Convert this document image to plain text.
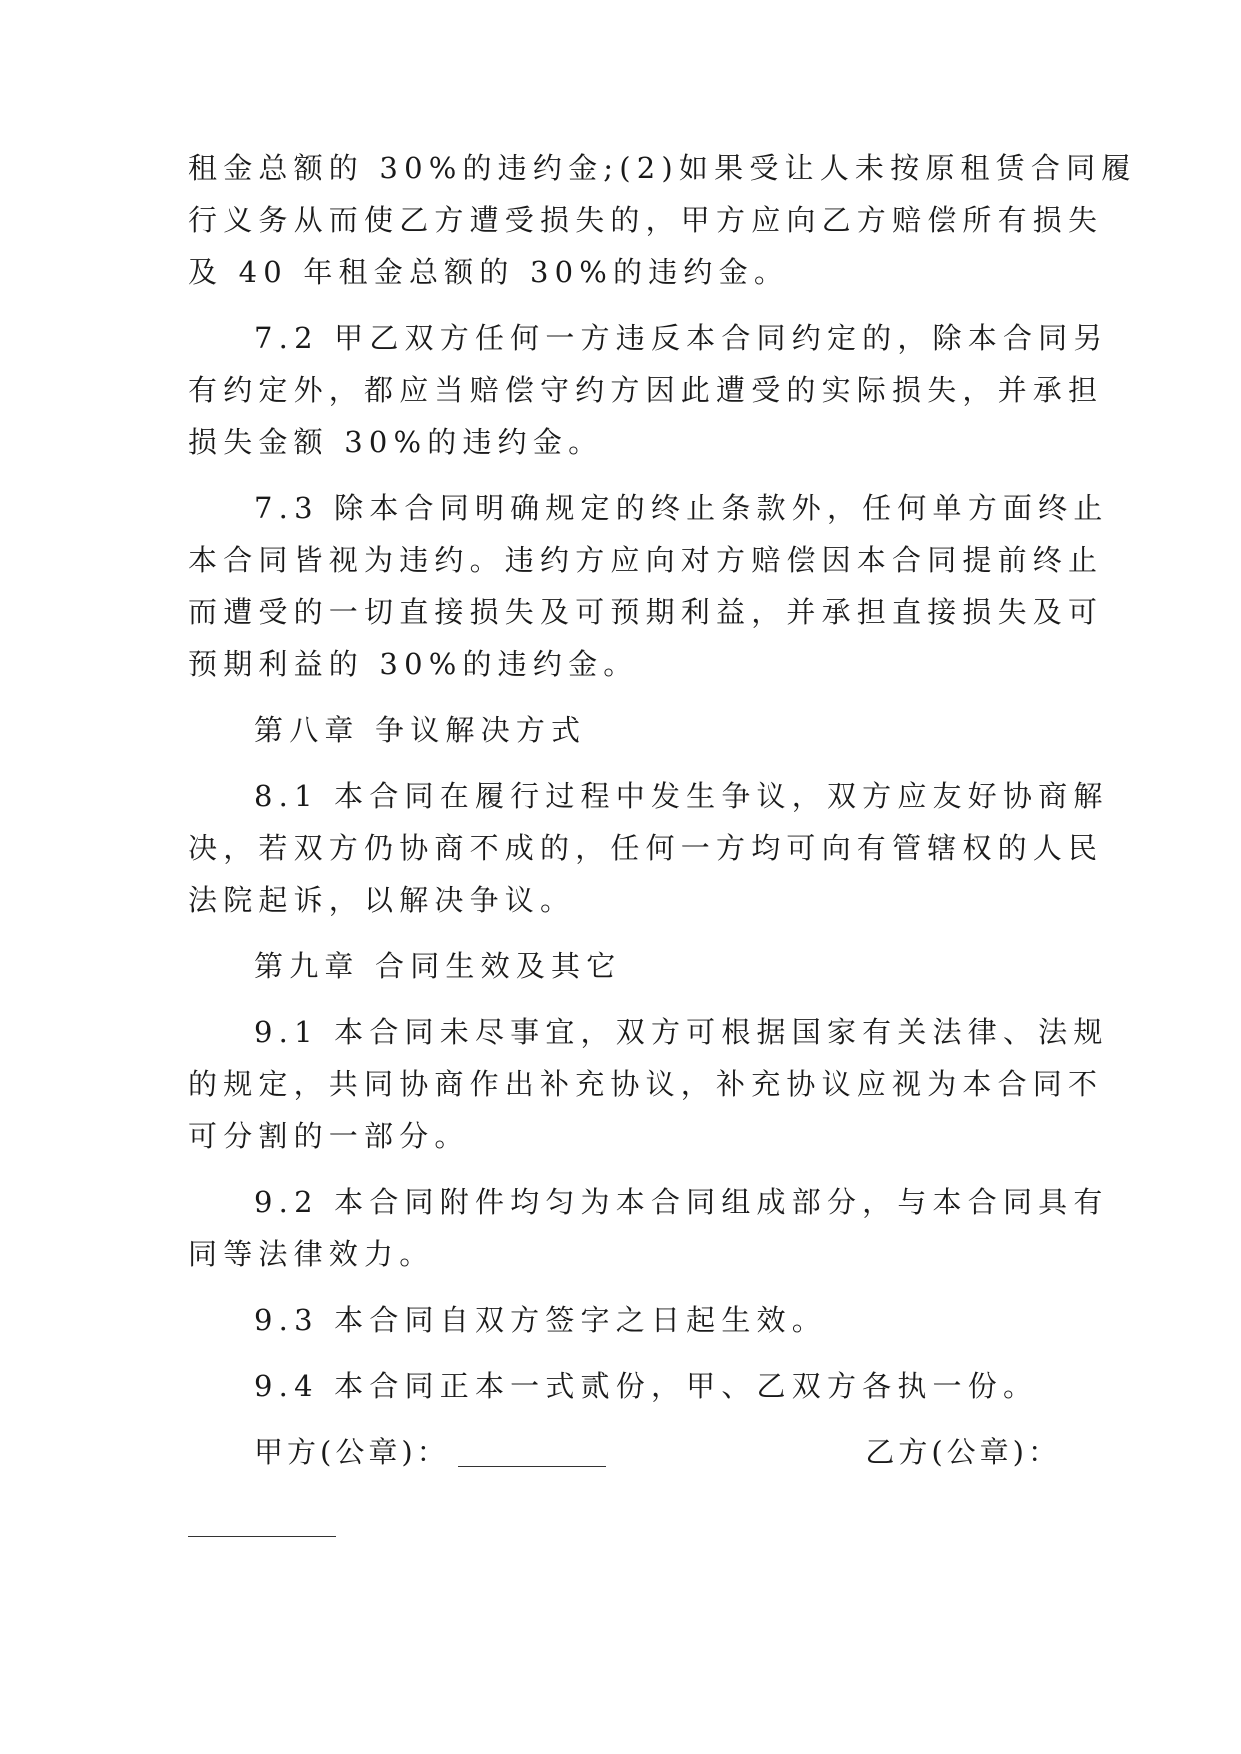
租金总额的 30%的违约金;(2)如果受让人未按原租赁合同履
行义务从而使乙方遭受损失的，甲方应向乙方赔偿所有损失
及 40 年租金总额的 30%的违约金。
7.2 甲乙双方任何一方违反本合同约定的，除本合同另
有约定外，都应当赔偿守约方因此遭受的实际损失，并承担
损失金额 30%的违约金。
7.3 除本合同明确规定的终止条款外，任何单方面终止
本合同皆视为违约。违约方应向对方赔偿因本合同提前终止
而遭受的一切直接损失及可预期利益，并承担直接损失及可
预期利益的 30%的违约金。
第八章 争议解决方式
8.1 本合同在履行过程中发生争议，双方应友好协商解
决，若双方仍协商不成的，任何一方均可向有管辖权的人民
法院起诉，以解决争议。
第九章 合同生效及其它
9.1 本合同未尽事宜，双方可根据国家有关法律、法规
的规定，共同协商作出补充协议，补充协议应视为本合同不
可分割的一部分。
9.2 本合同附件均匀为本合同组成部分，与本合同具有
同等法律效力。
9.3 本合同自双方签字之日起生效。
9.4 本合同正本一式贰份，甲、乙双方各执一份。
甲方(公章)：	乙方(公章)：
